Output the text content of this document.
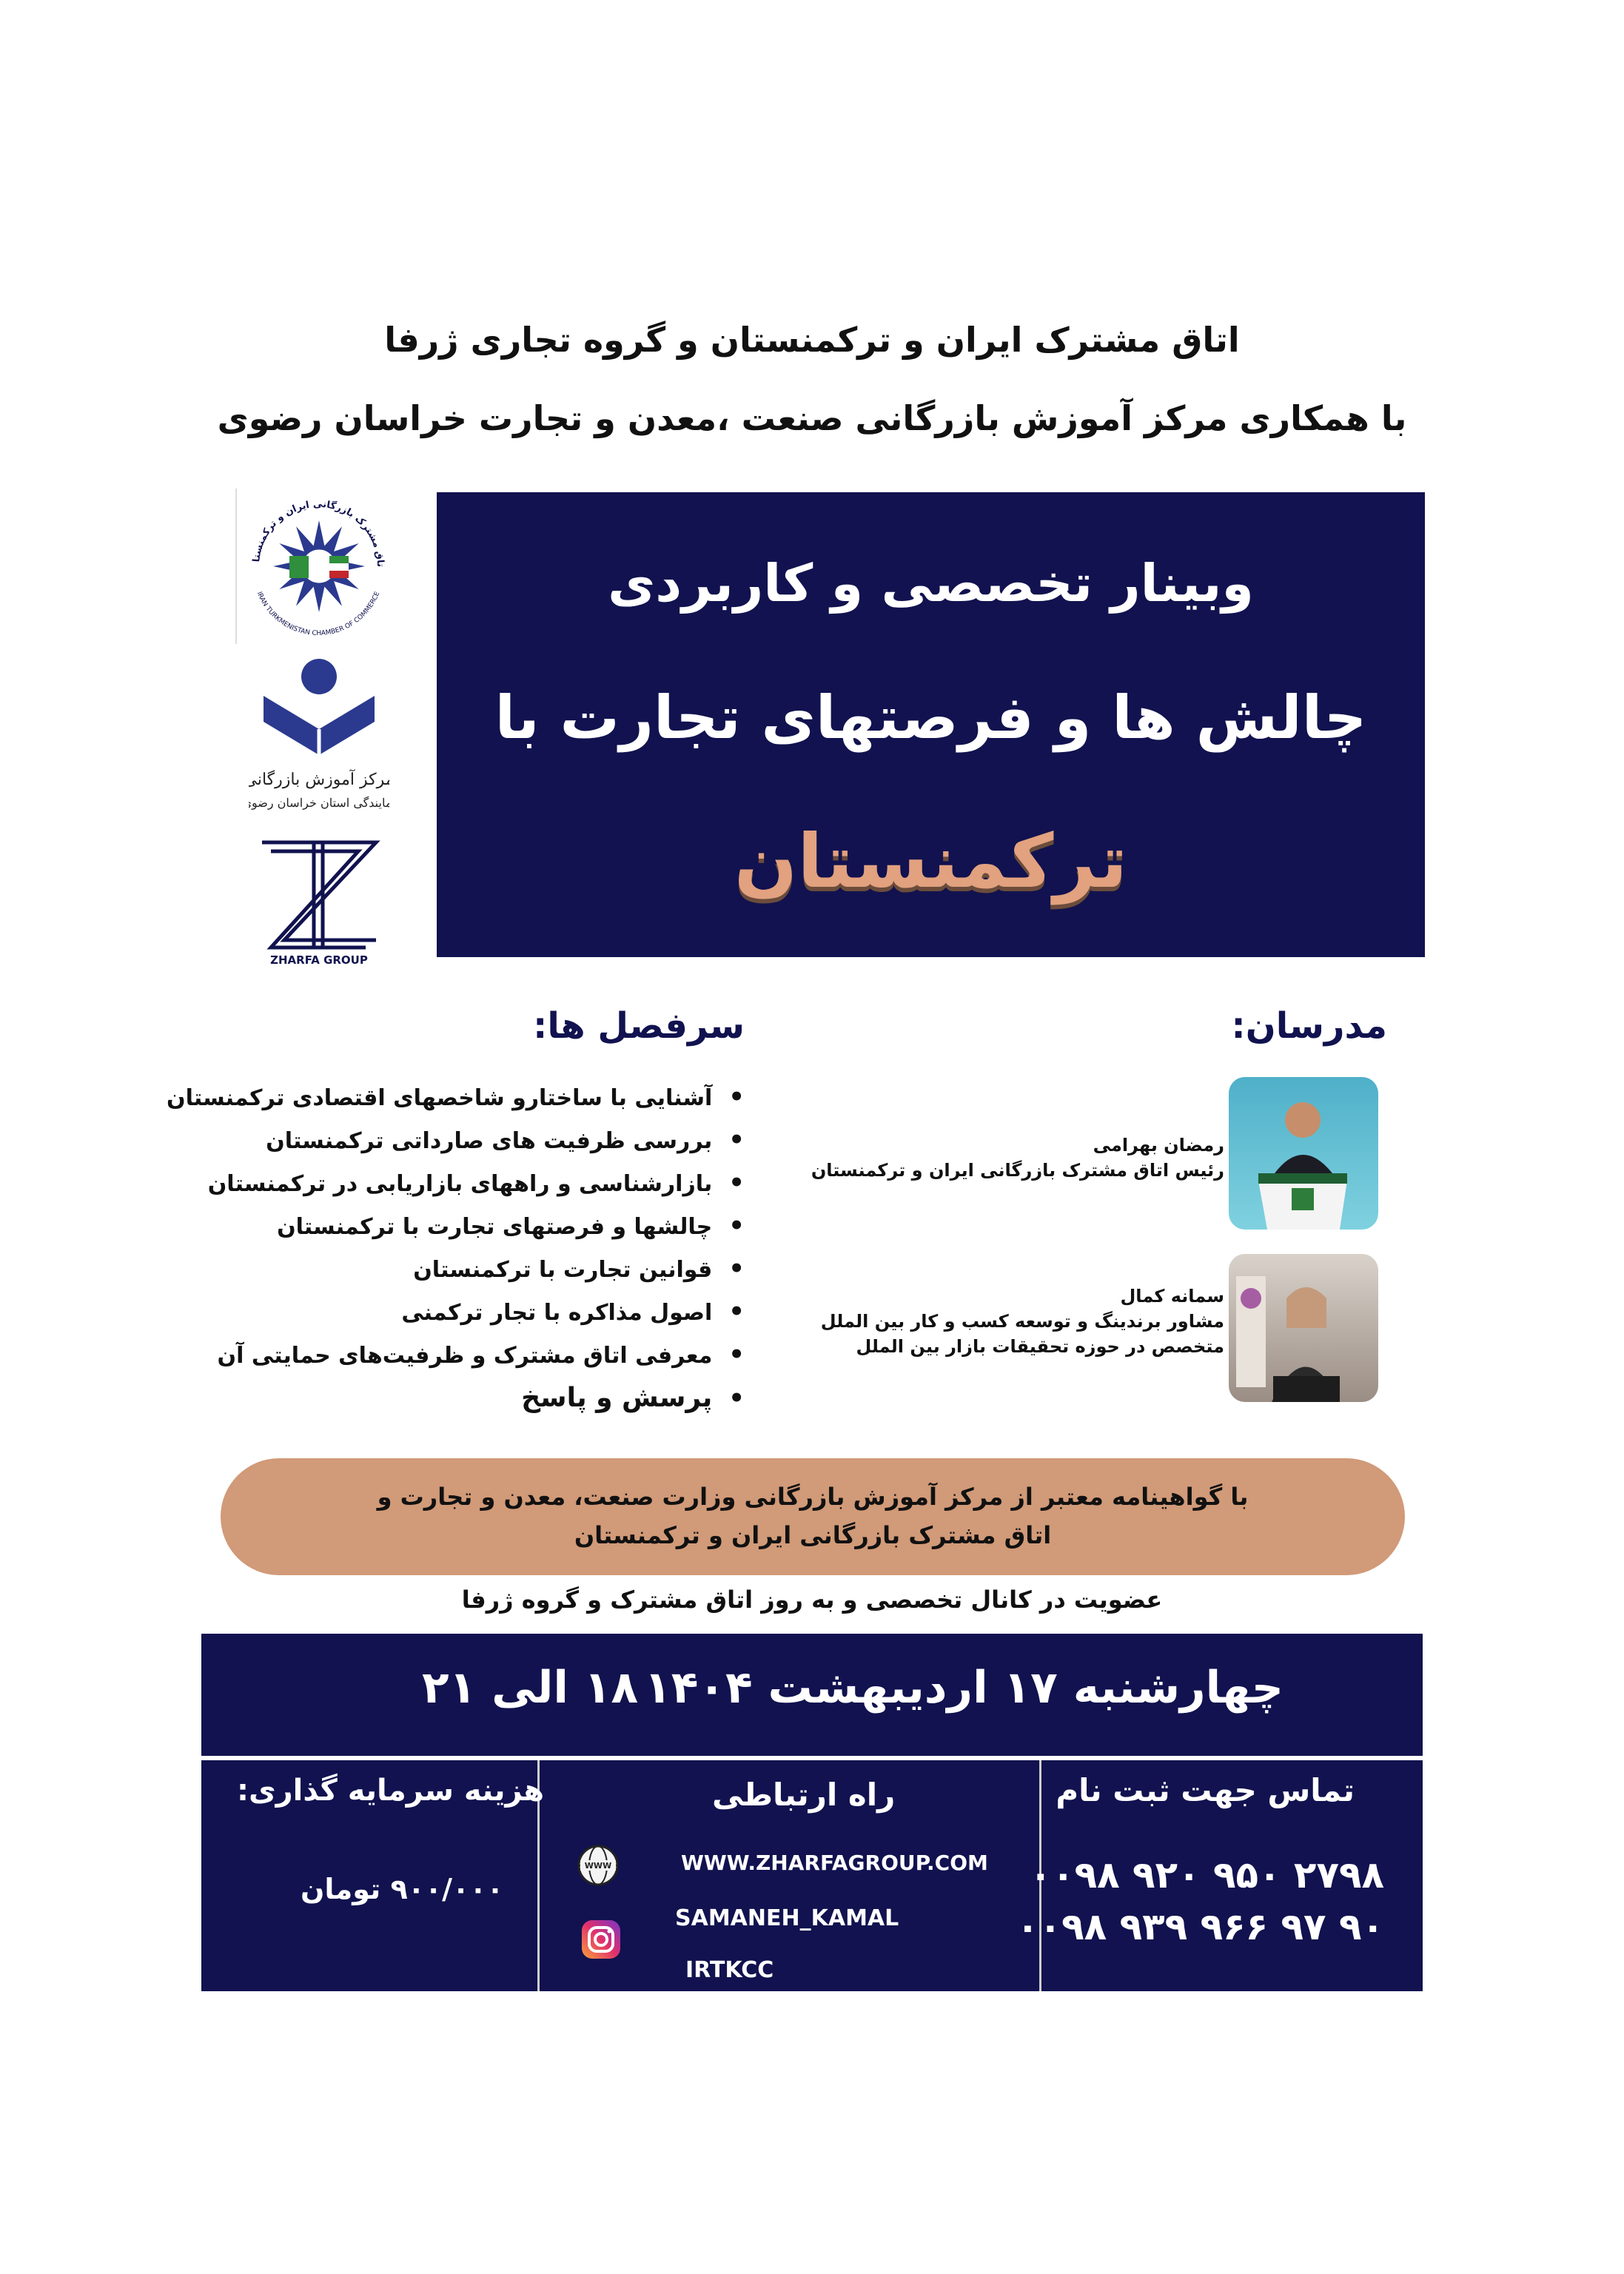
اتاق مشترک ایران و ترکمنستان و گروه تجاری ژرفا
با همکاری مرکز آموزش بازرگانی صنعت ،معدن و تجارت خراسان رضوی
تاق مشترک بازرگانی ایران و ترکمنستا
IRAN TURKMENISTAN CHAMBER OF COMMERCE
مرکز آموزش بازرگانی
نمایندگی استان خراسان رضوی
ZHARFA GROUP
وبینار تخصصی و کاربردی
چالش ها و فرصتهای تجارت با
ترکمنستان
مدرسان:
سرفصل ها:
• آشنایی با ساختارو شاخصهای اقتصادی ترکمنستان
• بررسی ظرفیت های صارداتی ترکمنستان
• بازارشناسی و راههای بازاریابی در ترکمنستان
• چالشها و فرصتهای تجارت با ترکمنستان
• قوانین تجارت با ترکمنستان
• اصول مذاکره با تجار ترکمنی
• معرفی اتاق مشترک و ظرفیت‌های حمایتی آن
• پرسش و پاسخ
رمضان بهرامی
رئیس اتاق مشترک بازرگانی ایران و ترکمنستان
سمانه کمال
مشاور برندینگ و توسعه کسب و کار بین الملل
متخصص در حوزه تحقیقات بازار بین الملل
با گواهینامه معتبر از مرکز آموزش بازرگانی وزارت صنعت، معدن و تجارت و
اتاق مشترک بازرگانی ایران و ترکمنستان
عضویت در کانال تخصصی و به روز اتاق مشترک و گروه ژرفا
چهارشنبه ۱۷ اردیبهشت ۱۴۰۴
۱۸ الی ۲۱
تماس جهت ثبت نام
۰۰۹۸ ۹۲۰ ۹۵۰ ۲۷۹۸
۰۰۹۸ ۹۳۹ ۹۶۶ ۹۷ ۹۰
راه ارتباطی
WWW	WWW.ZHARFAGROUP.COM
SAMANEH_KAMAL
IRTKCC
هزینه سرمایه گذاری:
۹۰۰/۰۰۰ تومان
